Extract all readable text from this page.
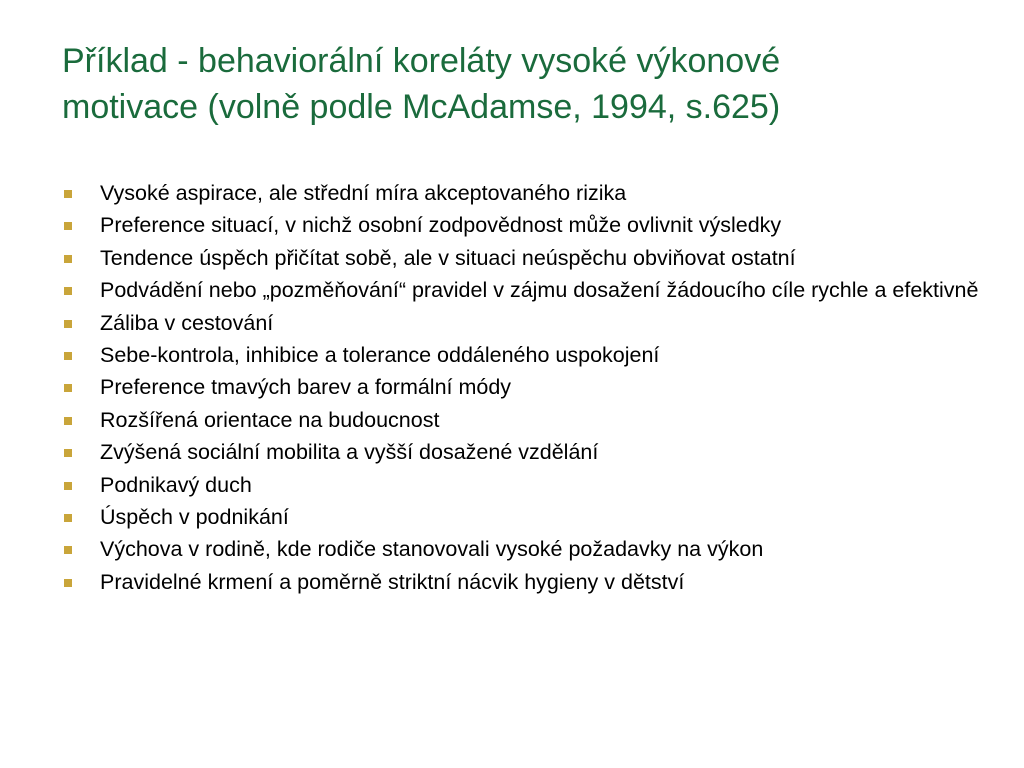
Příklad - behaviorální koreláty vysoké výkonové
motivace (volně podle McAdamse, 1994, s.625)
Vysoké aspirace, ale střední míra akceptovaného rizika
Preference situací, v nichž osobní zodpovědnost může ovlivnit výsledky
Tendence úspěch přičítat sobě, ale v situaci neúspěchu obviňovat ostatní
Podvádění nebo „pozměňování“ pravidel v zájmu dosažení žádoucího cíle rychle a efektivně
Záliba v cestování
Sebe-kontrola, inhibice a tolerance oddáleného uspokojení
Preference tmavých barev a formální módy
Rozšířená orientace na budoucnost
Zvýšená sociální mobilita a vyšší dosažené vzdělání
Podnikavý duch
Úspěch v podnikání
Výchova v rodině, kde rodiče stanovovali vysoké požadavky na výkon
Pravidelné krmení a poměrně striktní nácvik hygieny v dětství
